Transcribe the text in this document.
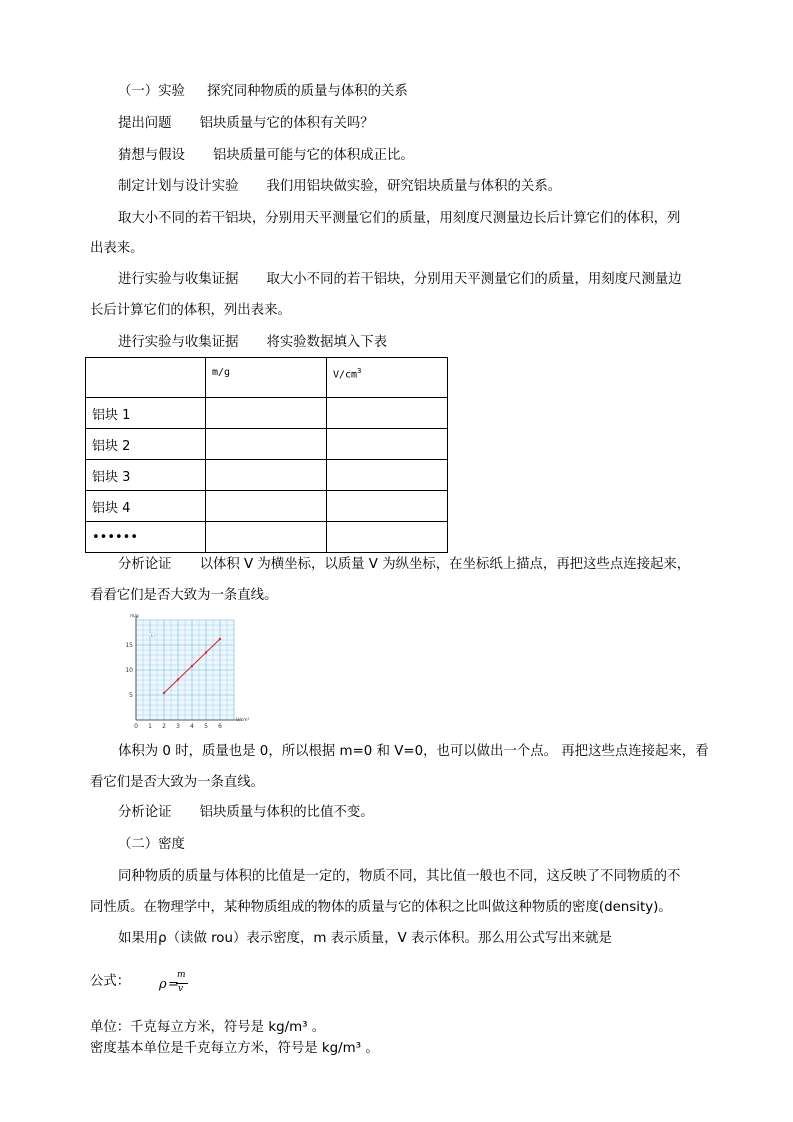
（一）实验 探究同种物质的质量与体积的关系
提出问题 铝块质量与它的体积有关吗？
猜想与假设 铝块质量可能与它的体积成正比。
制定计划与设计实验 我们用铝块做实验，研究铝块质量与体积的关系。
取大小不同的若干铝块，分别用天平测量它们的质量，用刻度尺测量边长后计算它们的体积，列
出表来。
进行实验与收集证据 取大小不同的若干铝块，分别用天平测量它们的质量，用刻度尺测量边
长后计算它们的体积，列出表来。
进行实验与收集证据 将实验数据填入下表
	m/g	$V/cm^3$
铝块 1		
铝块 2		
铝块 3		
铝块 4		
••••••		
分析论证 以体积 V 为横坐标，以质量 V 为纵坐标，在坐标纸上描点，再把这些点连接起来，
看看它们是否大致为一条直线。
m/g
V/cm³
0 1 2 3 4 5 6
5
10
15
+
体积为 0 时，质量也是 0，所以根据 m=0 和 V=0，也可以做出一个点。 再把这些点连接起来，看
看它们是否大致为一条直线。
分析论证 铝块质量与体积的比值不变。
（二）密度
同种物质的质量与体积的比值是一定的，物质不同，其比值一般也不同，这反映了不同物质的不
同性质。在物理学中，某种物质组成的物体的质量与它的体积之比叫做这种物质的密度(density)。
如果用ρ（读做 rou）表示密度，m 表示质量，V 表示体积。那么用公式写出来就是
公式： ρ =
m
v
单位：千克每立方米，符号是 kg/m³ 。
密度基本单位是千克每立方米，符号是 kg/m³ 。
